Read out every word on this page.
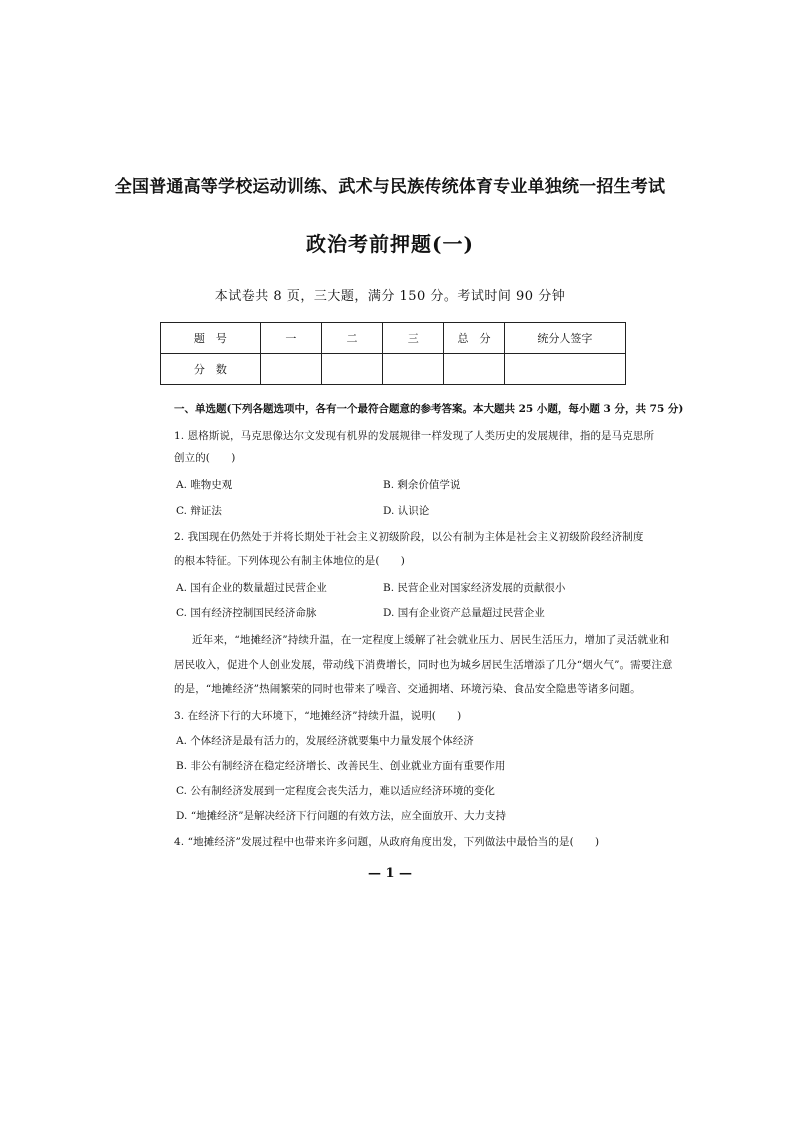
全国普通高等学校运动训练、武术与民族传统体育专业单独统一招生考试
政治考前押题(一)
本试卷共 8 页，三大题，满分 150 分。考试时间 90 分钟
题　号	一	二	三	总　分	统分人签字
分　数					
一、单选题(下列各题选项中，各有一个最符合题意的参考答案。本大题共 25 小题，每小题 3 分，共 75 分)
1. 恩格斯说，马克思像达尔文发现有机界的发展规律一样发现了人类历史的发展规律，指的是马克思所
创立的(　　)
A. 唯物史观	B. 剩余价值学说
C. 辩证法	D. 认识论
2. 我国现在仍然处于并将长期处于社会主义初级阶段，以公有制为主体是社会主义初级阶段经济制度
的根本特征。下列体现公有制主体地位的是(　　)
A. 国有企业的数量超过民营企业	B. 民营企业对国家经济发展的贡献很小
C. 国有经济控制国民经济命脉	D. 国有企业资产总量超过民营企业
近年来，“地摊经济”持续升温，在一定程度上缓解了社会就业压力、居民生活压力，增加了灵活就业和
居民收入，促进个人创业发展，带动线下消费增长，同时也为城乡居民生活增添了几分“烟火气”。需要注意
的是，“地摊经济”热闹繁荣的同时也带来了噪音、交通拥堵、环境污染、食品安全隐患等诸多问题。
3. 在经济下行的大环境下，“地摊经济”持续升温，说明(　　)
A. 个体经济是最有活力的，发展经济就要集中力量发展个体经济
B. 非公有制经济在稳定经济增长、改善民生、创业就业方面有重要作用
C. 公有制经济发展到一定程度会丧失活力，难以适应经济环境的变化
D. “地摊经济”是解决经济下行问题的有效方法，应全面放开、大力支持
4. “地摊经济”发展过程中也带来许多问题，从政府角度出发，下列做法中最恰当的是(　　)
— 1 —
